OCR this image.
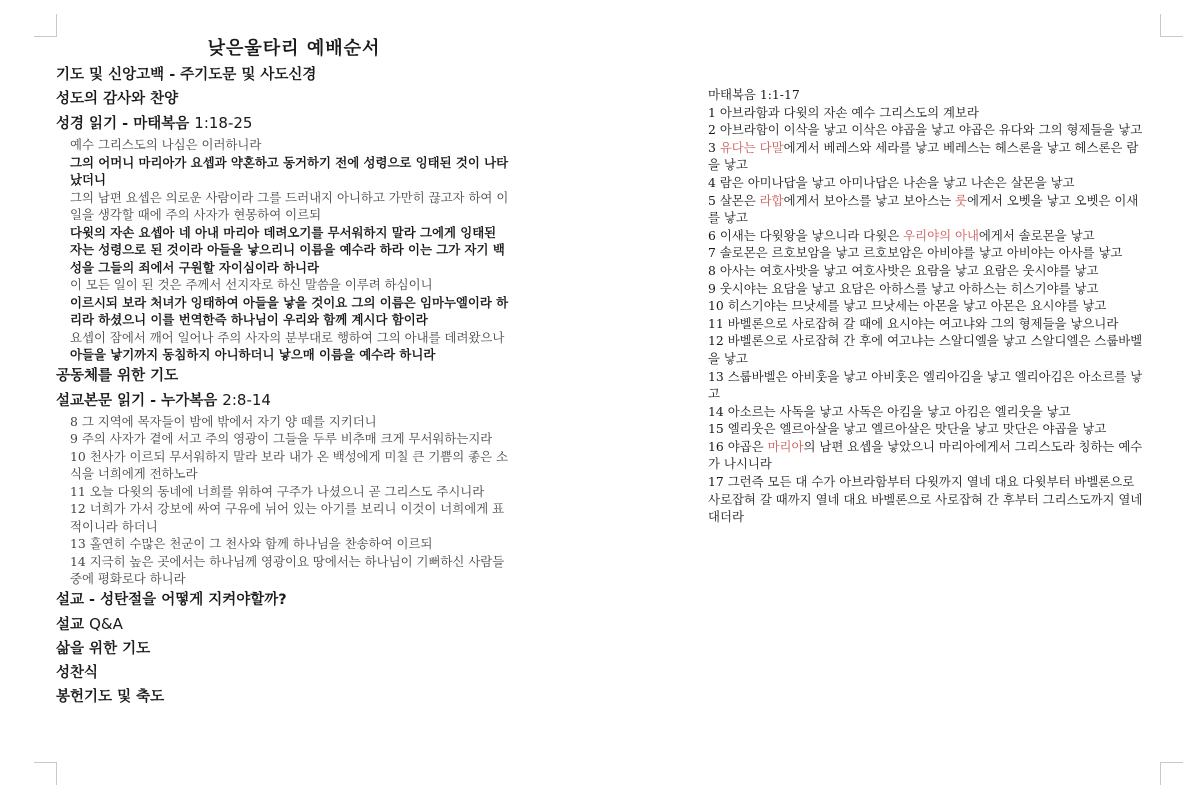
낮은울타리 예배순서
기도 및 신앙고백 - 주기도문 및 사도신경
성도의 감사와 찬양
성경 읽기 - 마태복음 1:18-25

예수 그리스도의 나심은 이러하니라

그의 어머니 마리아가 요셉과 약혼하고 동거하기 전에 성령으로 잉태된 것이 나타났더니

그의 남편 요셉은 의로운 사람이라 그를 드러내지 아니하고 가만히 끊고자 하여 이 일을 생각할 때에 주의 사자가 현몽하여 이르되

다윗의 자손 요셉아 네 아내 마리아 데려오기를 무서워하지 말라 그에게 잉태된 자는 성령으로 된 것이라 아들을 낳으리니 이름을 예수라 하라 이는 그가 자기 백성을 그들의 죄에서 구원할 자이심이라 하니라

이 모든 일이 된 것은 주께서 선지자로 하신 말씀을 이루려 하심이니

이르시되 보라 처녀가 잉태하여 아들을 낳을 것이요 그의 이름은 임마누엘이라 하리라 하셨으니 이를 번역한즉 하나님이 우리와 함께 계시다 함이라

요셉이 잠에서 깨어 일어나 주의 사자의 분부대로 행하여 그의 아내를 데려왔으나

아들을 낳기까지 동침하지 아니하더니 낳으매 이름을 예수라 하니라

공동체를 위한 기도
설교본문 읽기 - 누가복음 2:8-14

8 그 지역에 목자들이 밤에 밖에서 자기 양 떼를 지키더니

9 주의 사자가 곁에 서고 주의 영광이 그들을 두루 비추매 크게 무서워하는지라

10 천사가 이르되 무서워하지 말라 보라 내가 온 백성에게 미칠 큰 기쁨의 좋은 소식을 너희에게 전하노라

11 오늘 다윗의 동네에 너희를 위하여 구주가 나셨으니 곧 그리스도 주시니라

12 너희가 가서 강보에 싸여 구유에 뉘어 있는 아기를 보리니 이것이 너희에게 표적이니라 하더니

13 홀연히 수많은 천군이 그 천사와 함께 하나님을 찬송하여 이르되

14 지극히 높은 곳에서는 하나님께 영광이요 땅에서는 하나님이 기뻐하신 사람들 중에 평화로다 하니라

설교 - 성탄절을 어떻게 지켜야할까?
설교 Q&A
삶을 위한 기도
성찬식
봉헌기도 및 축도

마태복음 1:1-17

1 아브라함과 다윗의 자손 예수 그리스도의 계보라

2 아브라함이 이삭을 낳고 이삭은 야곱을 낳고 야곱은 유다와 그의 형제들을 낳고

3 유다는 다말에게서 베레스와 세라를 낳고 베레스는 헤스론을 낳고 헤스론은 람을 낳고

4 람은 아미나답을 낳고 아미나답은 나손을 낳고 나손은 살몬을 낳고

5 살몬은 라합에게서 보아스를 낳고 보아스는 룻에게서 오벳을 낳고 오벳은 이새를 낳고

6 이새는 다윗왕을 낳으니라 다윗은 우리야의 아내에게서 솔로몬을 낳고

7 솔로몬은 르호보암을 낳고 르호보암은 아비야를 낳고 아비야는 아사를 낳고

8 아사는 여호사밧을 낳고 여호사밧은 요람을 낳고 요람은 웃시야를 낳고

9 웃시야는 요담을 낳고 요담은 아하스를 낳고 아하스는 히스기야를 낳고

10 히스기야는 므낫세를 낳고 므낫세는 아몬을 낳고 아몬은 요시야를 낳고

11 바벨론으로 사로잡혀 갈 때에 요시야는 여고냐와 그의 형제들을 낳으니라

12 바벨론으로 사로잡혀 간 후에 여고냐는 스알디엘을 낳고 스알디엘은 스룹바벨을 낳고

13 스룹바벨은 아비훗을 낳고 아비훗은 엘리아김을 낳고 엘리아김은 아소르를 낳고

14 아소르는 사독을 낳고 사독은 아킴을 낳고 아킴은 엘리웃을 낳고

15 엘리웃은 엘르아살을 낳고 엘르아살은 맛단을 낳고 맛단은 야곱을 낳고

16 야곱은 마리아의 남편 요셉을 낳았으니 마리아에게서 그리스도라 칭하는 예수가 나시니라

17 그런즉 모든 대 수가 아브라함부터 다윗까지 열네 대요 다윗부터 바벨론으로 사로잡혀 갈 때까지 열네 대요 바벨론으로 사로잡혀 간 후부터 그리스도까지 열네 대더라
